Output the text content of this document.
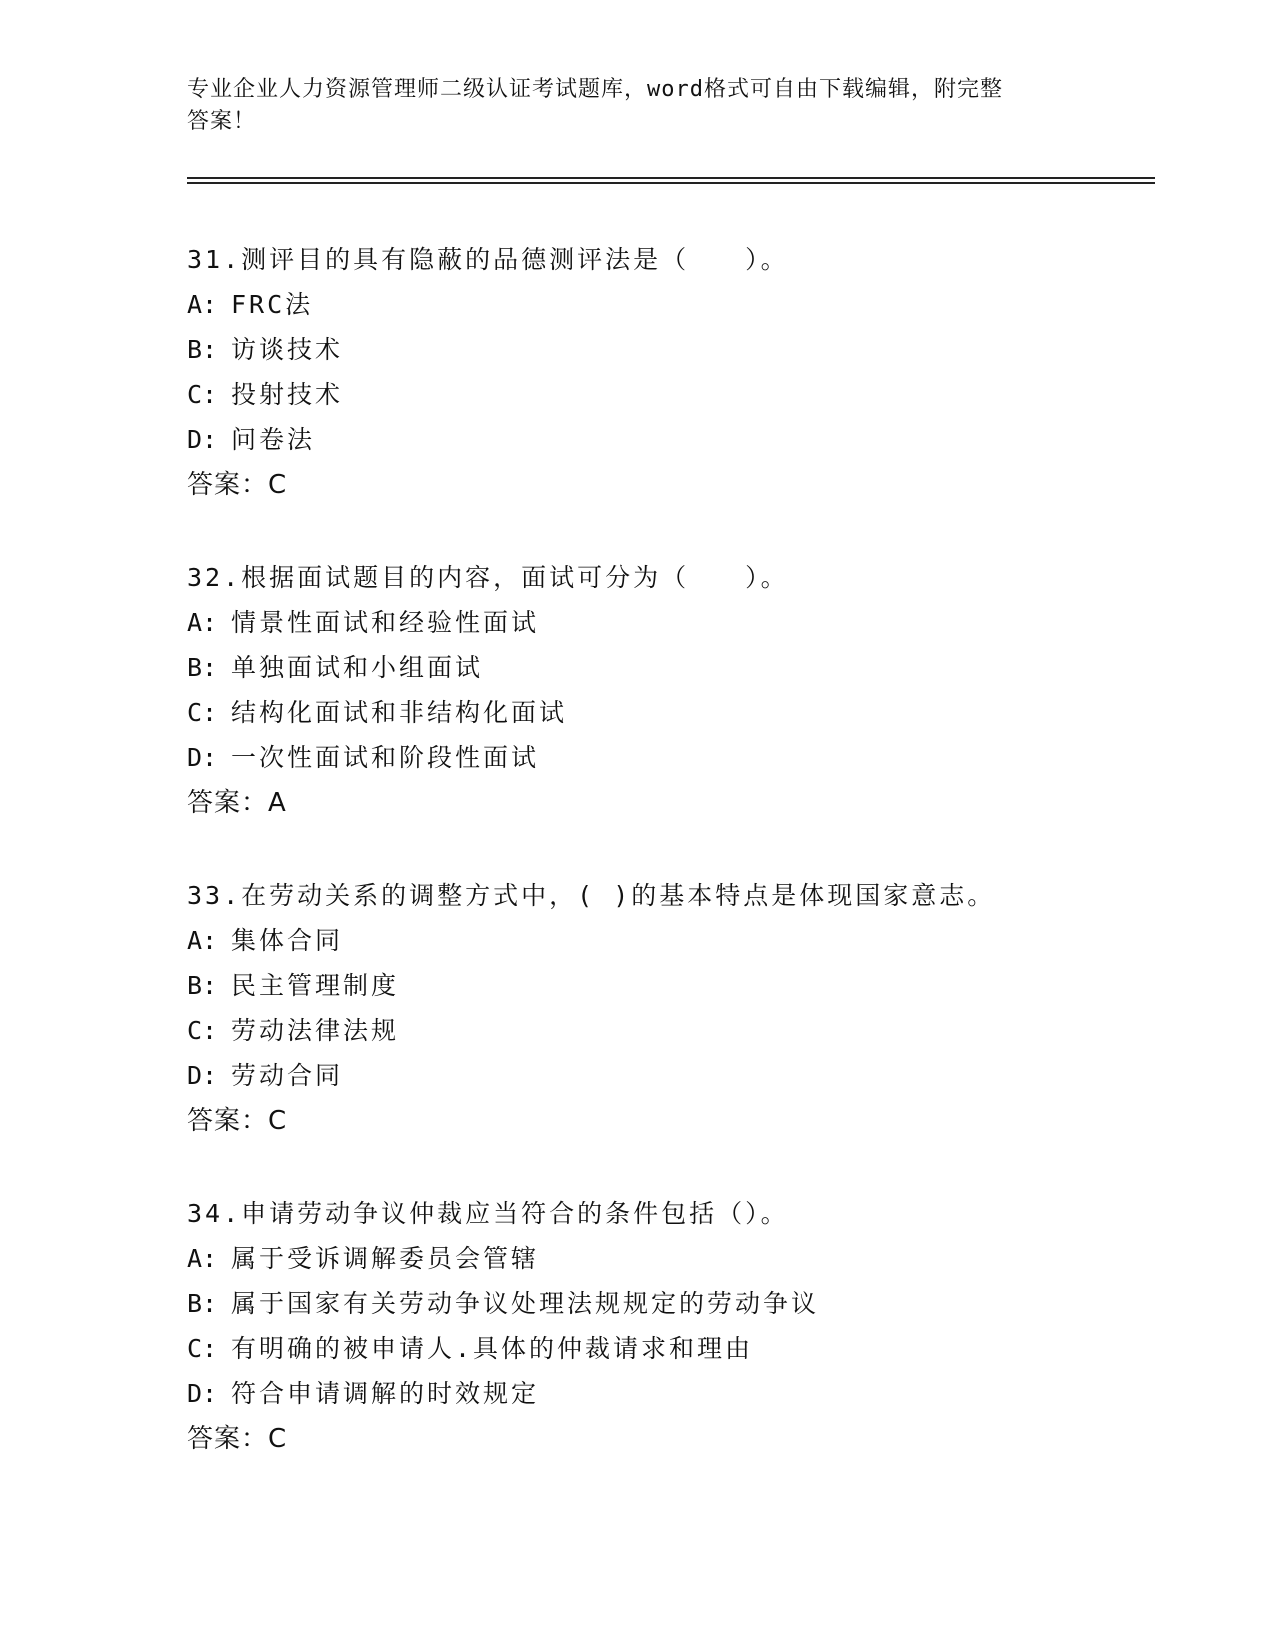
专业企业人力资源管理师二级认证考试题库，word格式可自由下载编辑，附完整
答案！
31.测评目的具有隐蔽的品德测评法是（　　）。
A: FRC法
B: 访谈技术
C: 投射技术
D: 问卷法
答案：C
32.根据面试题目的内容，面试可分为（　　）。
A: 情景性面试和经验性面试
B: 单独面试和小组面试
C: 结构化面试和非结构化面试
D: 一次性面试和阶段性面试
答案：A
33.在劳动关系的调整方式中，( )的基本特点是体现国家意志。
A: 集体合同
B: 民主管理制度
C: 劳动法律法规
D: 劳动合同
答案：C
34.申请劳动争议仲裁应当符合的条件包括（）。
A: 属于受诉调解委员会管辖
B: 属于国家有关劳动争议处理法规规定的劳动争议
C: 有明确的被申请人.具体的仲裁请求和理由
D: 符合申请调解的时效规定
答案：C
